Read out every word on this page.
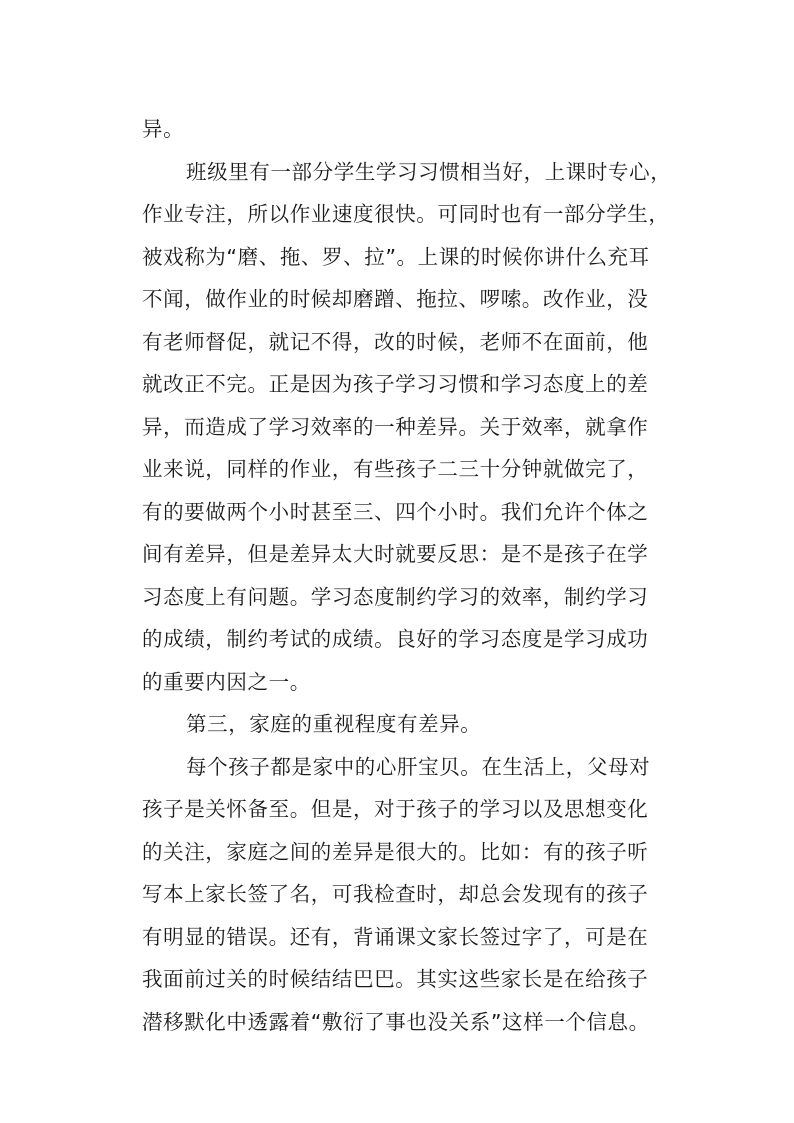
异。
班级里有一部分学生学习习惯相当好，上课时专心，
作业专注，所以作业速度很快。可同时也有一部分学生，
被戏称为“磨、拖、罗、拉”。上课的时候你讲什么充耳
不闻，做作业的时候却磨蹭、拖拉、啰嗦。改作业，没
有老师督促，就记不得，改的时候，老师不在面前，他
就改正不完。正是因为孩子学习习惯和学习态度上的差
异，而造成了学习效率的一种差异。关于效率，就拿作
业来说，同样的作业，有些孩子二三十分钟就做完了，
有的要做两个小时甚至三、四个小时。我们允许个体之
间有差异，但是差异太大时就要反思：是不是孩子在学
习态度上有问题。学习态度制约学习的效率，制约学习
的成绩，制约考试的成绩。良好的学习态度是学习成功
的重要内因之一。
第三，家庭的重视程度有差异。
每个孩子都是家中的心肝宝贝。在生活上，父母对
孩子是关怀备至。但是，对于孩子的学习以及思想变化
的关注，家庭之间的差异是很大的。比如：有的孩子听
写本上家长签了名，可我检查时，却总会发现有的孩子
有明显的错误。还有，背诵课文家长签过字了，可是在
我面前过关的时候结结巴巴。其实这些家长是在给孩子
潜移默化中透露着“敷衍了事也没关系”这样一个信息。
